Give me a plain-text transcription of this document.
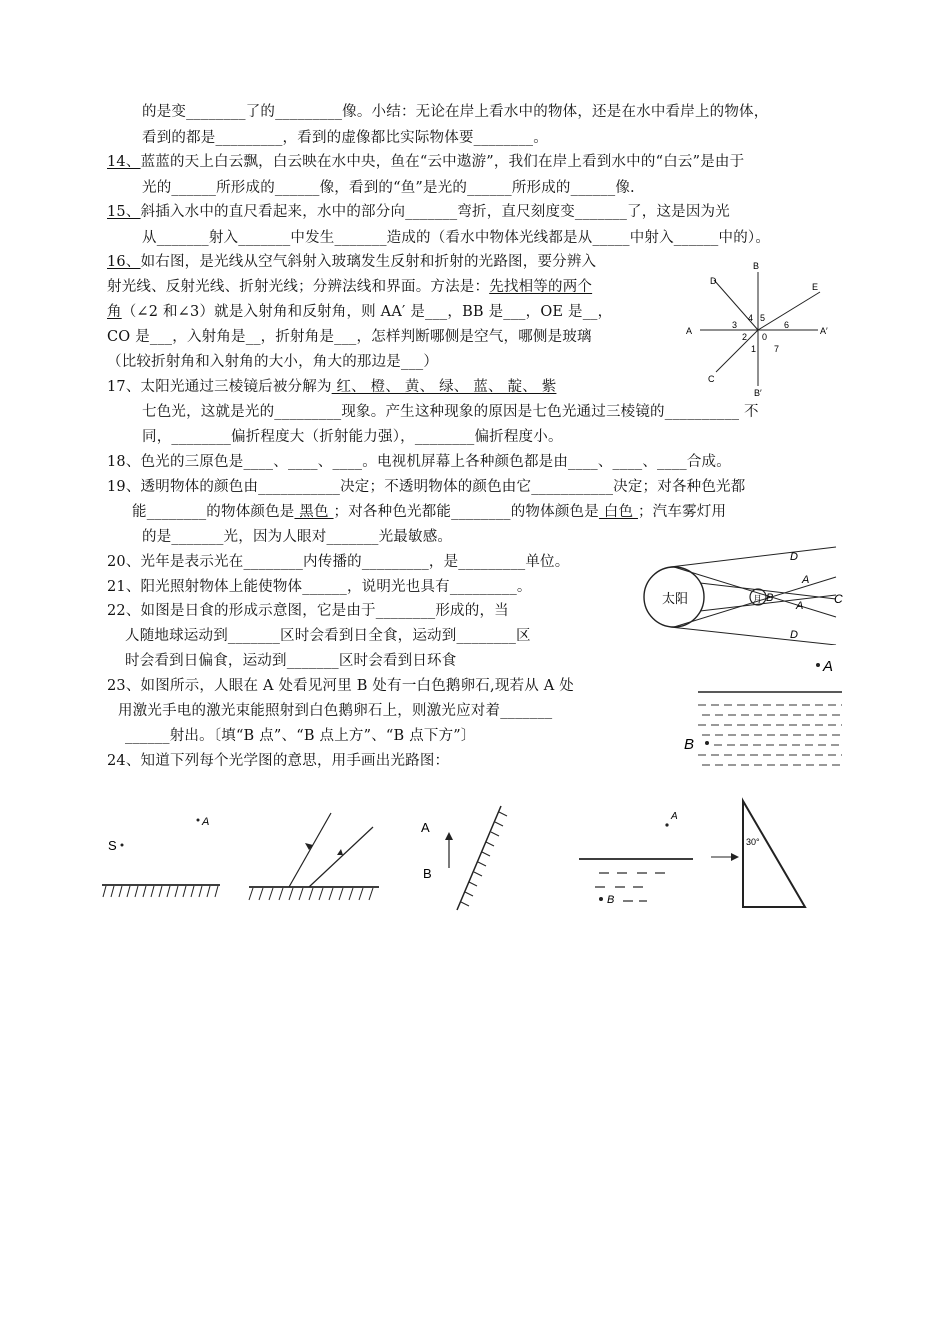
的是变________了的_________像。小结：无论在岸上看水中的物体，还是在水中看岸上的物体，
看到的都是_________，看到的虚像都比实际物体要________。
14、蓝蓝的天上白云飘，白云映在水中央，鱼在“云中遨游”，我们在岸上看到水中的“白云”是由于
光的______所形成的______像，看到的“鱼”是光的______所形成的______像.
15、斜插入水中的直尺看起来，水中的部分向_______弯折，直尺刻度变_______了，这是因为光
从_______射入_______中发生_______造成的（看水中物体光线都是从_____中射入______中的）。
16、如右图，是光线从空气斜射入玻璃发生反射和折射的光路图，要分辨入
射光线、反射光线、折射光线；分辨法线和界面。方法是：先找相等的两个
角（∠2 和∠3）就是入射角和反射角，则 AA′ 是___，BB 是___，OE 是__，
CO 是___，入射角是__，折射角是___，怎样判断哪侧是空气，哪侧是玻璃
（比较折射角和入射角的大小，角大的那边是___）
17、太阳光通过三棱镜后被分解为 红、 橙、 黄、 绿、 蓝、 靛、 紫
七色光，这就是光的_________现象。产生这种现象的原因是七色光通过三棱镜的__________ 不
同，________偏折程度大（折射能力强），________偏折程度小。
18、色光的三原色是____、____、____。电视机屏幕上各种颜色都是由____、____、____合成。
19、透明物体的颜色由___________决定；不透明物体的颜色由它___________决定；对各种色光都
能________的物体颜色是 黑色 ；对各种色光都能________的物体颜色是 白色 ；汽车雾灯用
的是_______光，因为人眼对_______光最敏感。
20、光年是表示光在________内传播的_________，是_________单位。
21、阳光照射物体上能使物体______，说明光也具有_________。
22、如图是日食的形成示意图，它是由于________形成的，当
人随地球运动到_______区时会看到日全食，运动到________区
时会看到日偏食，运动到_______区时会看到日环食
23、如图所示，人眼在 A 处看见河里 B 处有一白色鹅卵石,现若从 A 处
用激光手电的激光束能照射到白色鹅卵石上，则激光应对着_______
______射出。〔填“B 点”、“B 点上方”、“B 点下方”〕
24、知道下列每个光学图的意思，用手画出光路图：
B
D
E
A	A′
C
B′
0
1
2
3
4 5
6
7
太阳	月 B
D
D
A
A	C
A
B
S
A	A
B
A
B
30°
